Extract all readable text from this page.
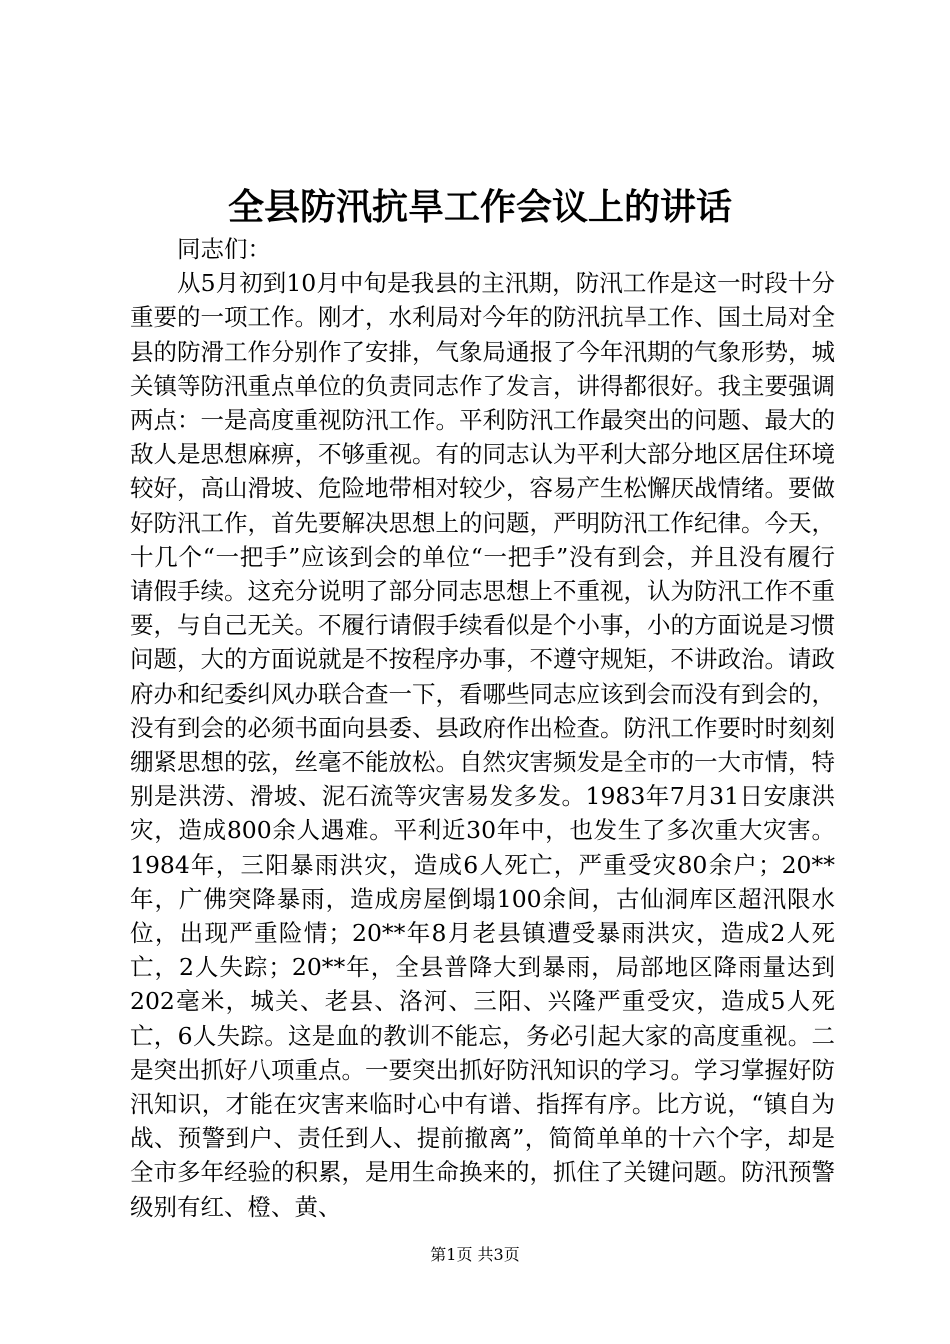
全县防汛抗旱工作会议上的讲话

同志们：

从5月初到10月中旬是我县的主汛期，防汛工作是这一时段十分重要的一项工作。刚才，水利局对今年的防汛抗旱工作、国土局对全县的防滑工作分别作了安排，气象局通报了今年汛期的气象形势，城关镇等防汛重点单位的负责同志作了发言，讲得都很好。我主要强调两点：一是高度重视防汛工作。平利防汛工作最突出的问题、最大的敌人是思想麻痹，不够重视。有的同志认为平利大部分地区居住环境较好，高山滑坡、危险地带相对较少，容易产生松懈厌战情绪。要做好防汛工作，首先要解决思想上的问题，严明防汛工作纪律。今天，十几个“一把手”应该到会的单位“一把手”没有到会，并且没有履行请假手续。这充分说明了部分同志思想上不重视，认为防汛工作不重要，与自己无关。不履行请假手续看似是个小事，小的方面说是习惯问题，大的方面说就是不按程序办事，不遵守规矩，不讲政治。请政府办和纪委纠风办联合查一下，看哪些同志应该到会而没有到会的，没有到会的必须书面向县委、县政府作出检查。防汛工作要时时刻刻绷紧思想的弦，丝毫不能放松。自然灾害频发是全市的一大市情，特别是洪涝、滑坡、泥石流等灾害易发多发。1983年7月31日安康洪灾，造成800余人遇难。平利近30年中，也发生了多次重大灾害。1984年，三阳暴雨洪灾，造成6人死亡，严重受灾80余户；20**年，广佛突降暴雨，造成房屋倒塌100余间，古仙洞库区超汛限水位，出现严重险情；20**年8月老县镇遭受暴雨洪灾，造成2人死亡，2人失踪；20**年，全县普降大到暴雨，局部地区降雨量达到202毫米，城关、老县、洛河、三阳、兴隆严重受灾，造成5人死亡，6人失踪。这是血的教训不能忘，务必引起大家的高度重视。二是突出抓好八项重点。一要突出抓好防汛知识的学习。学习掌握好防汛知识，才能在灾害来临时心中有谱、指挥有序。比方说，“镇自为战、预警到户、责任到人、提前撤离”，简简单单的十六个字，却是全市多年经验的积累，是用生命换来的，抓住了关键问题。防汛预警级别有红、橙、黄、

第1页 共3页
